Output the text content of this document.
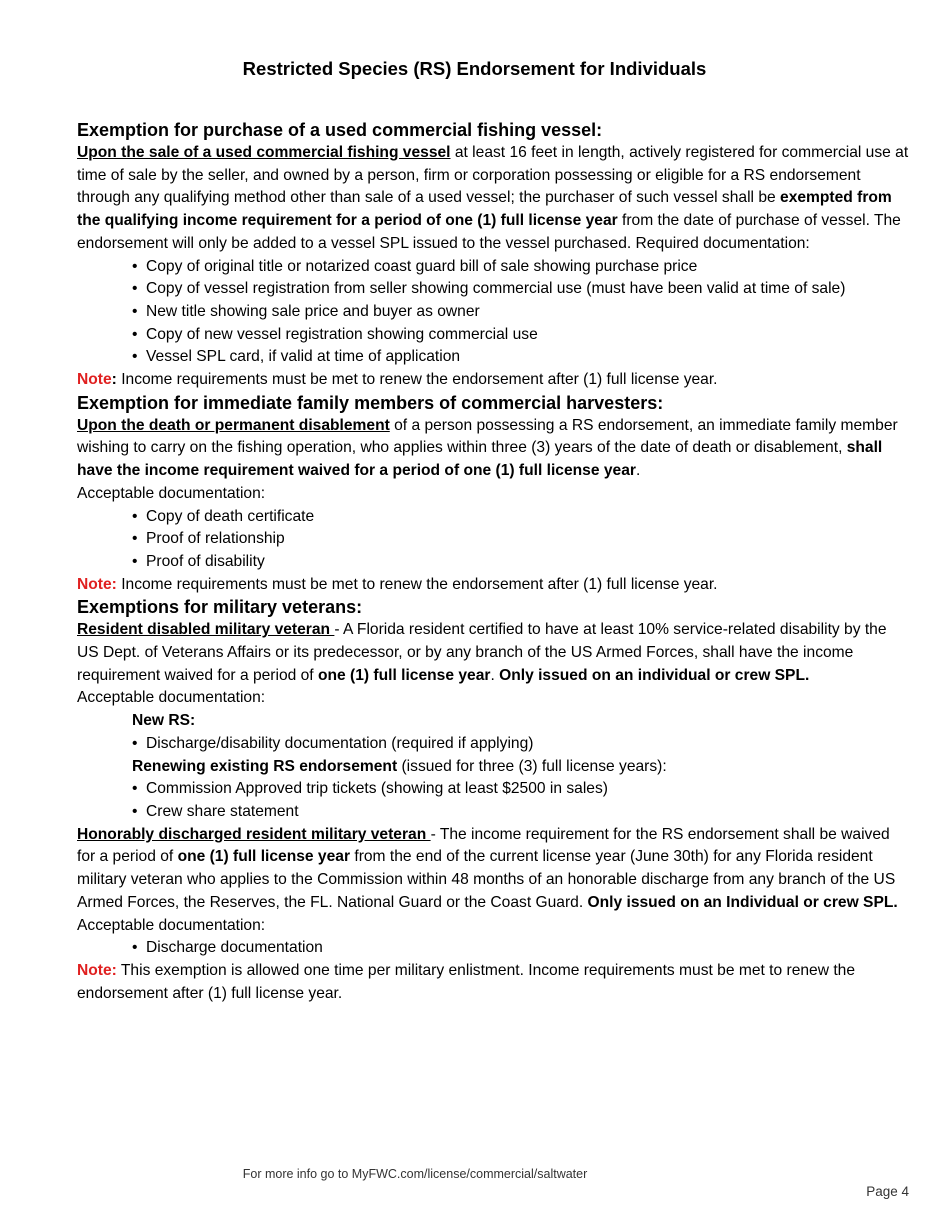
Restricted Species (RS) Endorsement for Individuals
Exemption for purchase of a used commercial fishing vessel:

Upon the sale of a used commercial fishing vessel at least 16 feet in length, actively registered for commercial use at time of sale by the seller, and owned by a person, firm or corporation possessing or eligible for a RS endorsement through any qualifying method other than sale of a used vessel; the purchaser of such vessel shall be exempted from the qualifying income requirement for a period of one (1) full license year from the date of purchase of vessel. The endorsement will only be added to a vessel SPL issued to the vessel purchased. Required documentation:

• Copy of original title or notarized coast guard bill of sale showing purchase price
• Copy of vessel registration from seller showing commercial use (must have been valid at time of sale)
• New title showing sale price and buyer as owner
• Copy of new vessel registration showing commercial use
• Vessel SPL card, if valid at time of application

Note: Income requirements must be met to renew the endorsement after (1) full license year.

Exemption for immediate family members of commercial harvesters:

Upon the death or permanent disablement of a person possessing a RS endorsement, an immediate family member wishing to carry on the fishing operation, who applies within three (3) years of the date of death or disablement, shall have the income requirement waived for a period of one (1) full license year.

Acceptable documentation:

• Copy of death certificate
• Proof of relationship
• Proof of disability

Note: Income requirements must be met to renew the endorsement after (1) full license year.

Exemptions for military veterans:

Resident disabled military veteran - A Florida resident certified to have at least 10% service-related disability by the US Dept. of Veterans Affairs or its predecessor, or by any branch of the US Armed Forces, shall have the income requirement waived for a period of one (1) full license year. Only issued on an individual or crew SPL.

Acceptable documentation:

New RS:

• Discharge/disability documentation (required if applying)

Renewing existing RS endorsement (issued for three (3) full license years):

• Commission Approved trip tickets (showing at least $2500 in sales)
• Crew share statement

Honorably discharged resident military veteran - The income requirement for the RS endorsement shall be waived for a period of one (1) full license year from the end of the current license year (June 30th) for any Florida resident military veteran who applies to the Commission within 48 months of an honorable discharge from any branch of the US Armed Forces, the Reserves, the FL. National Guard or the Coast Guard. Only issued on an Individual or crew SPL.

Acceptable documentation:

• Discharge documentation

Note: This exemption is allowed one time per military enlistment. Income requirements must be met to renew the endorsement after (1) full license year.

For more info go to MyFWC.com/license/commercial/saltwater
Page 4
